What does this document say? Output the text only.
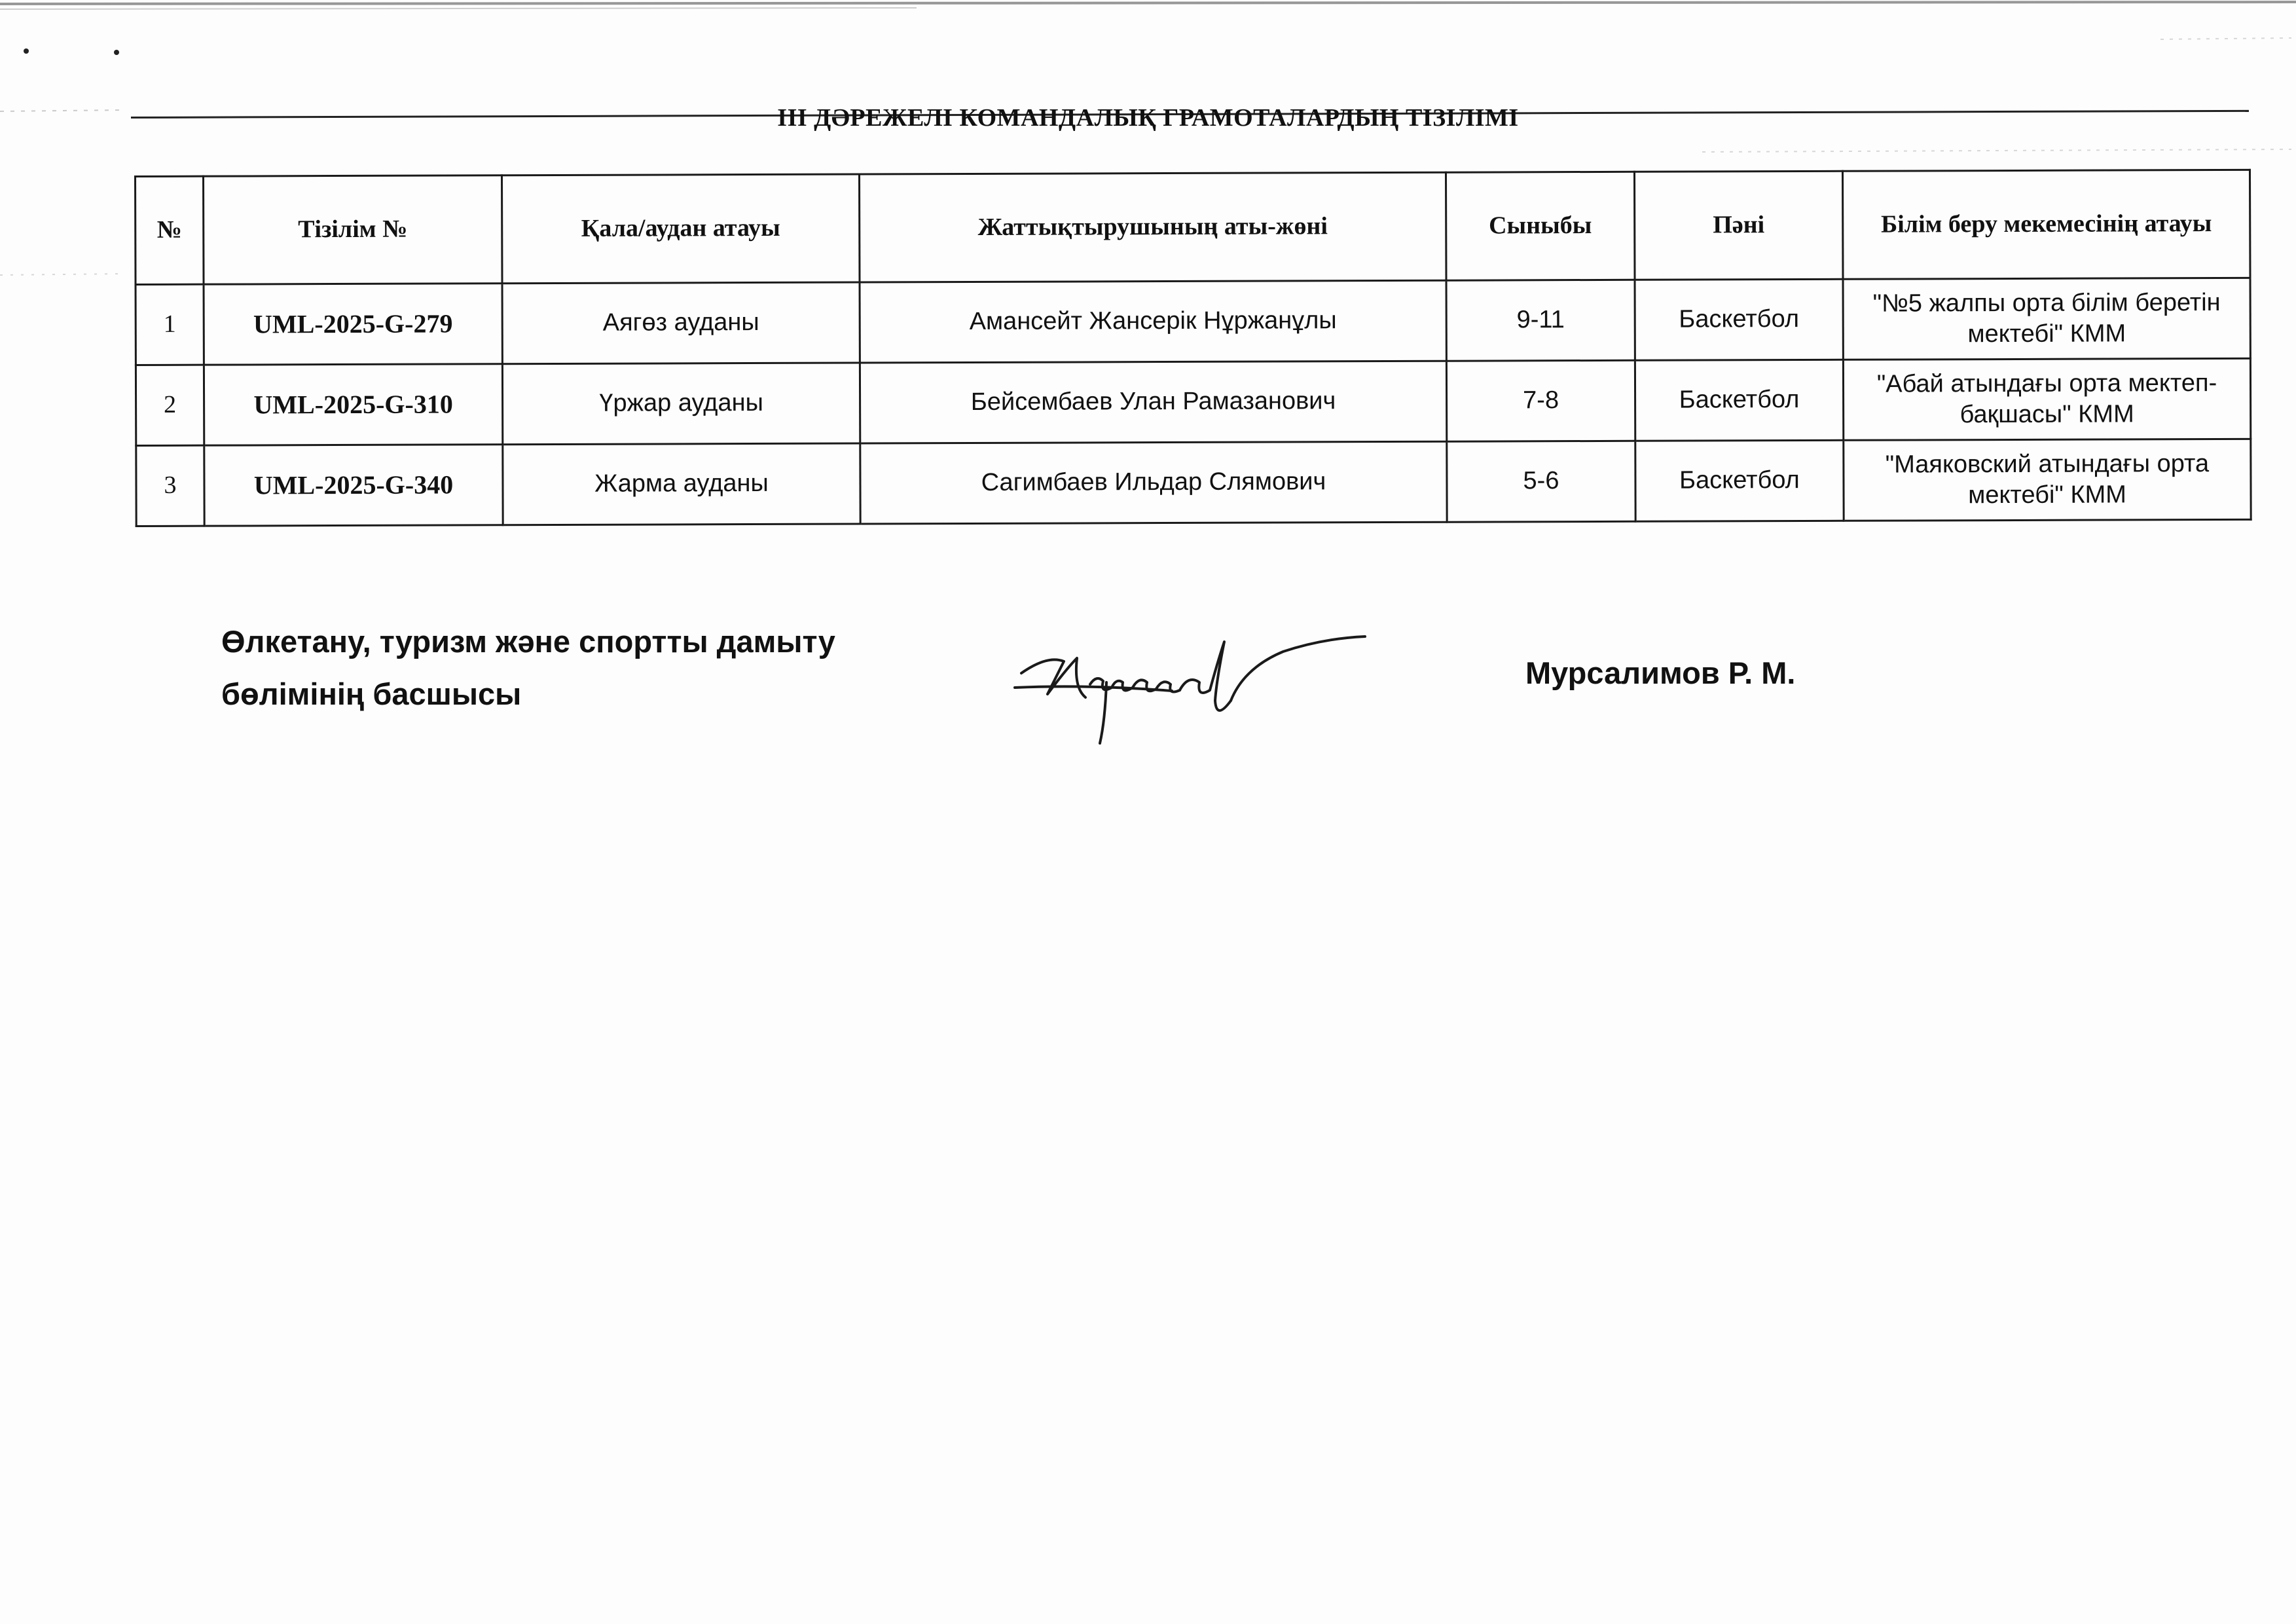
ІІІ ДӘРЕЖЕЛІ КОМАНДАЛЫҚ ГРАМОТАЛАРДЫҢ ТІЗІЛІМІ
№	Тізілім №	Қала/аудан атауы	Жаттықтырушының аты-жөні	Сыныбы	Пәні	Білім беру мекемесінің атауы
1	UML-2025-G-279	Аягөз ауданы	Амансейт Жансерік Нұржанұлы	9-11	Баскетбол	"№5 жалпы орта білім беретін мектебі" КММ
2	UML-2025-G-310	Үржар ауданы	Бейсембаев Улан Рамазанович	7-8	Баскетбол	"Абай атындағы орта мектеп-бақшасы" КММ
3	UML-2025-G-340	Жарма ауданы	Сагимбаев Ильдар Слямович	5-6	Баскетбол	"Маяковский атындағы орта мектебі" КММ
Өлкетану, туризм және спортты дамыту
бөлімінің басшысы
Мурсалимов Р. М.
